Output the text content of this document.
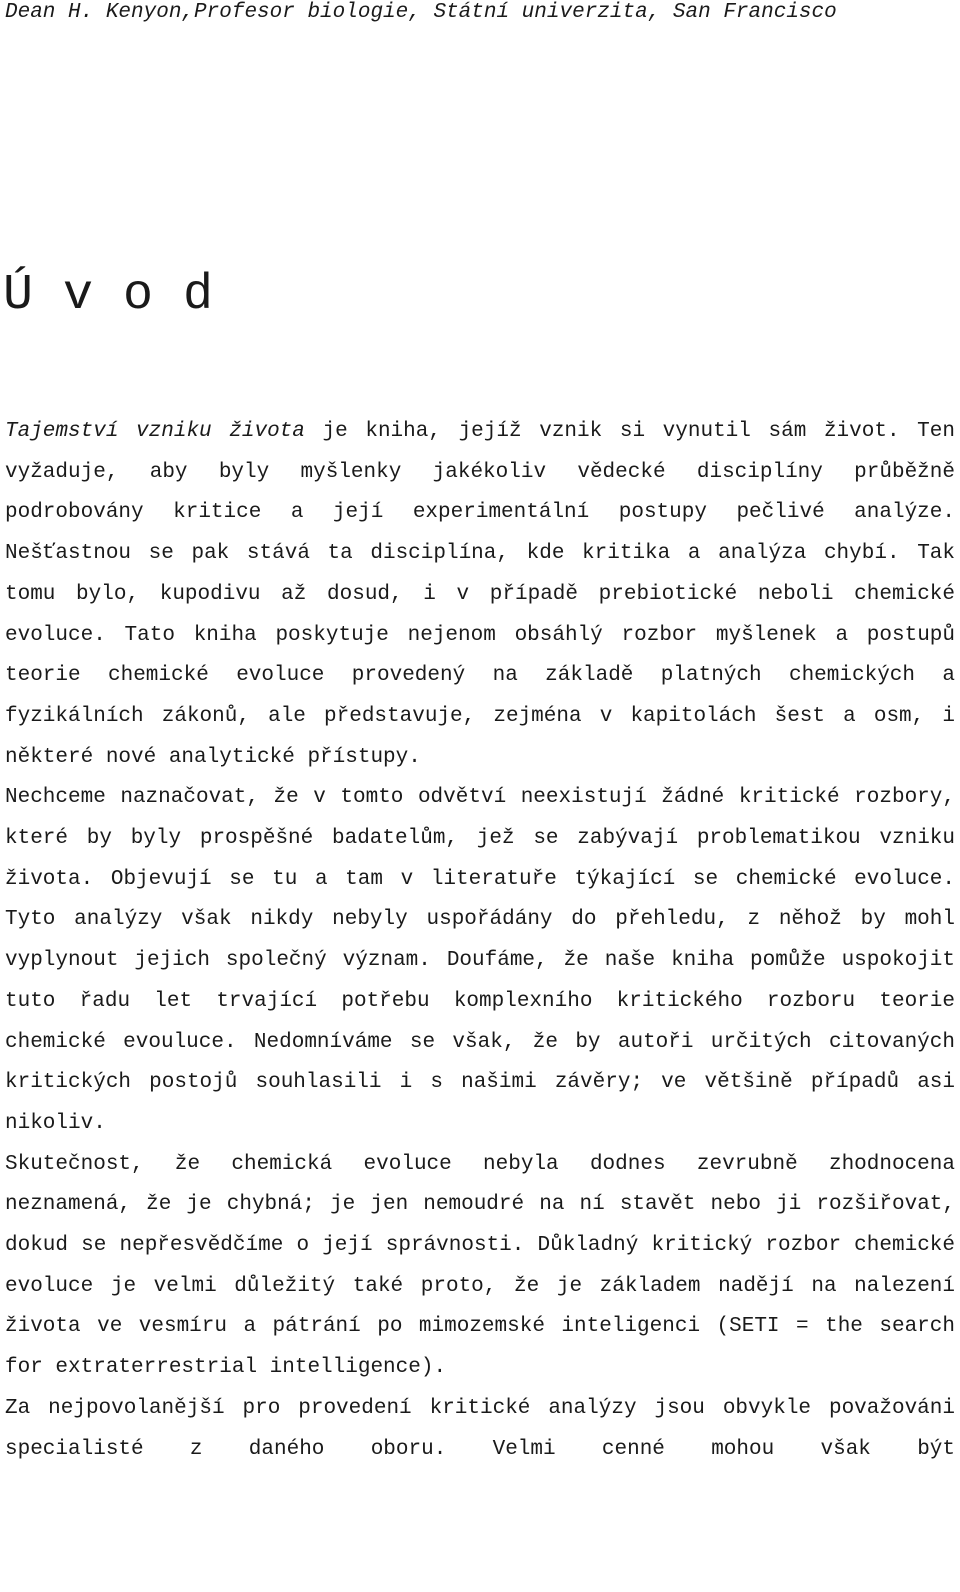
Dean H. Kenyon,Profesor biologie, Státní univerzita, San Francisco
Ú v o d

Tajemství vzniku života je kniha, jejíž vznik si vynutil sám život. Ten vyžaduje, aby byly myšlenky jakékoliv vědecké disciplíny průběžně podrobovány kritice a její experimentální postupy pečlivé analýze. Nešťastnou se pak stává ta disciplína, kde kritika a analýza chybí. Tak tomu bylo, kupodivu až dosud, i v případě prebiotické neboli chemické evoluce. Tato kniha poskytuje nejenom obsáhlý rozbor myšlenek a postupů teorie chemické evoluce provedený na základě platných chemických a fyzikálních zákonů, ale představuje, zejména v kapitolách šest a osm, i některé nové analytické přístupy.

Nechceme naznačovat, že v tomto odvětví neexistují žádné kritické rozbory, které by byly prospěšné badatelům, jež se zabývají problematikou vzniku života. Objevují se tu a tam v literatuře týkající se chemické evoluce. Tyto analýzy však nikdy nebyly uspořádány do přehledu, z něhož by mohl vyplynout jejich společný význam. Doufáme, že naše kniha pomůže uspokojit tuto řadu let trvající potřebu komplexního kritického rozboru teorie chemické evouluce. Nedomníváme se však, že by autoři určitých citovaných kritických postojů souhlasili i s našimi závěry; ve většině případů asi nikoliv.

Skutečnost, že chemická evoluce nebyla dodnes zevrubně zhodnocena neznamená, že je chybná; je jen nemoudré na ní stavět nebo ji rozšiřovat, dokud se nepřesvědčíme o její správnosti. Důkladný kritický rozbor chemické evoluce je velmi důležitý také proto, že je základem nadějí na nalezení života ve vesmíru a pátrání po mimozemské inteligenci (SETI = the search for extraterrestrial intelligence).

Za nejpovolanější pro provedení kritické analýzy jsou obvykle považováni specialisté z daného oboru. Velmi cenné mohou však být
